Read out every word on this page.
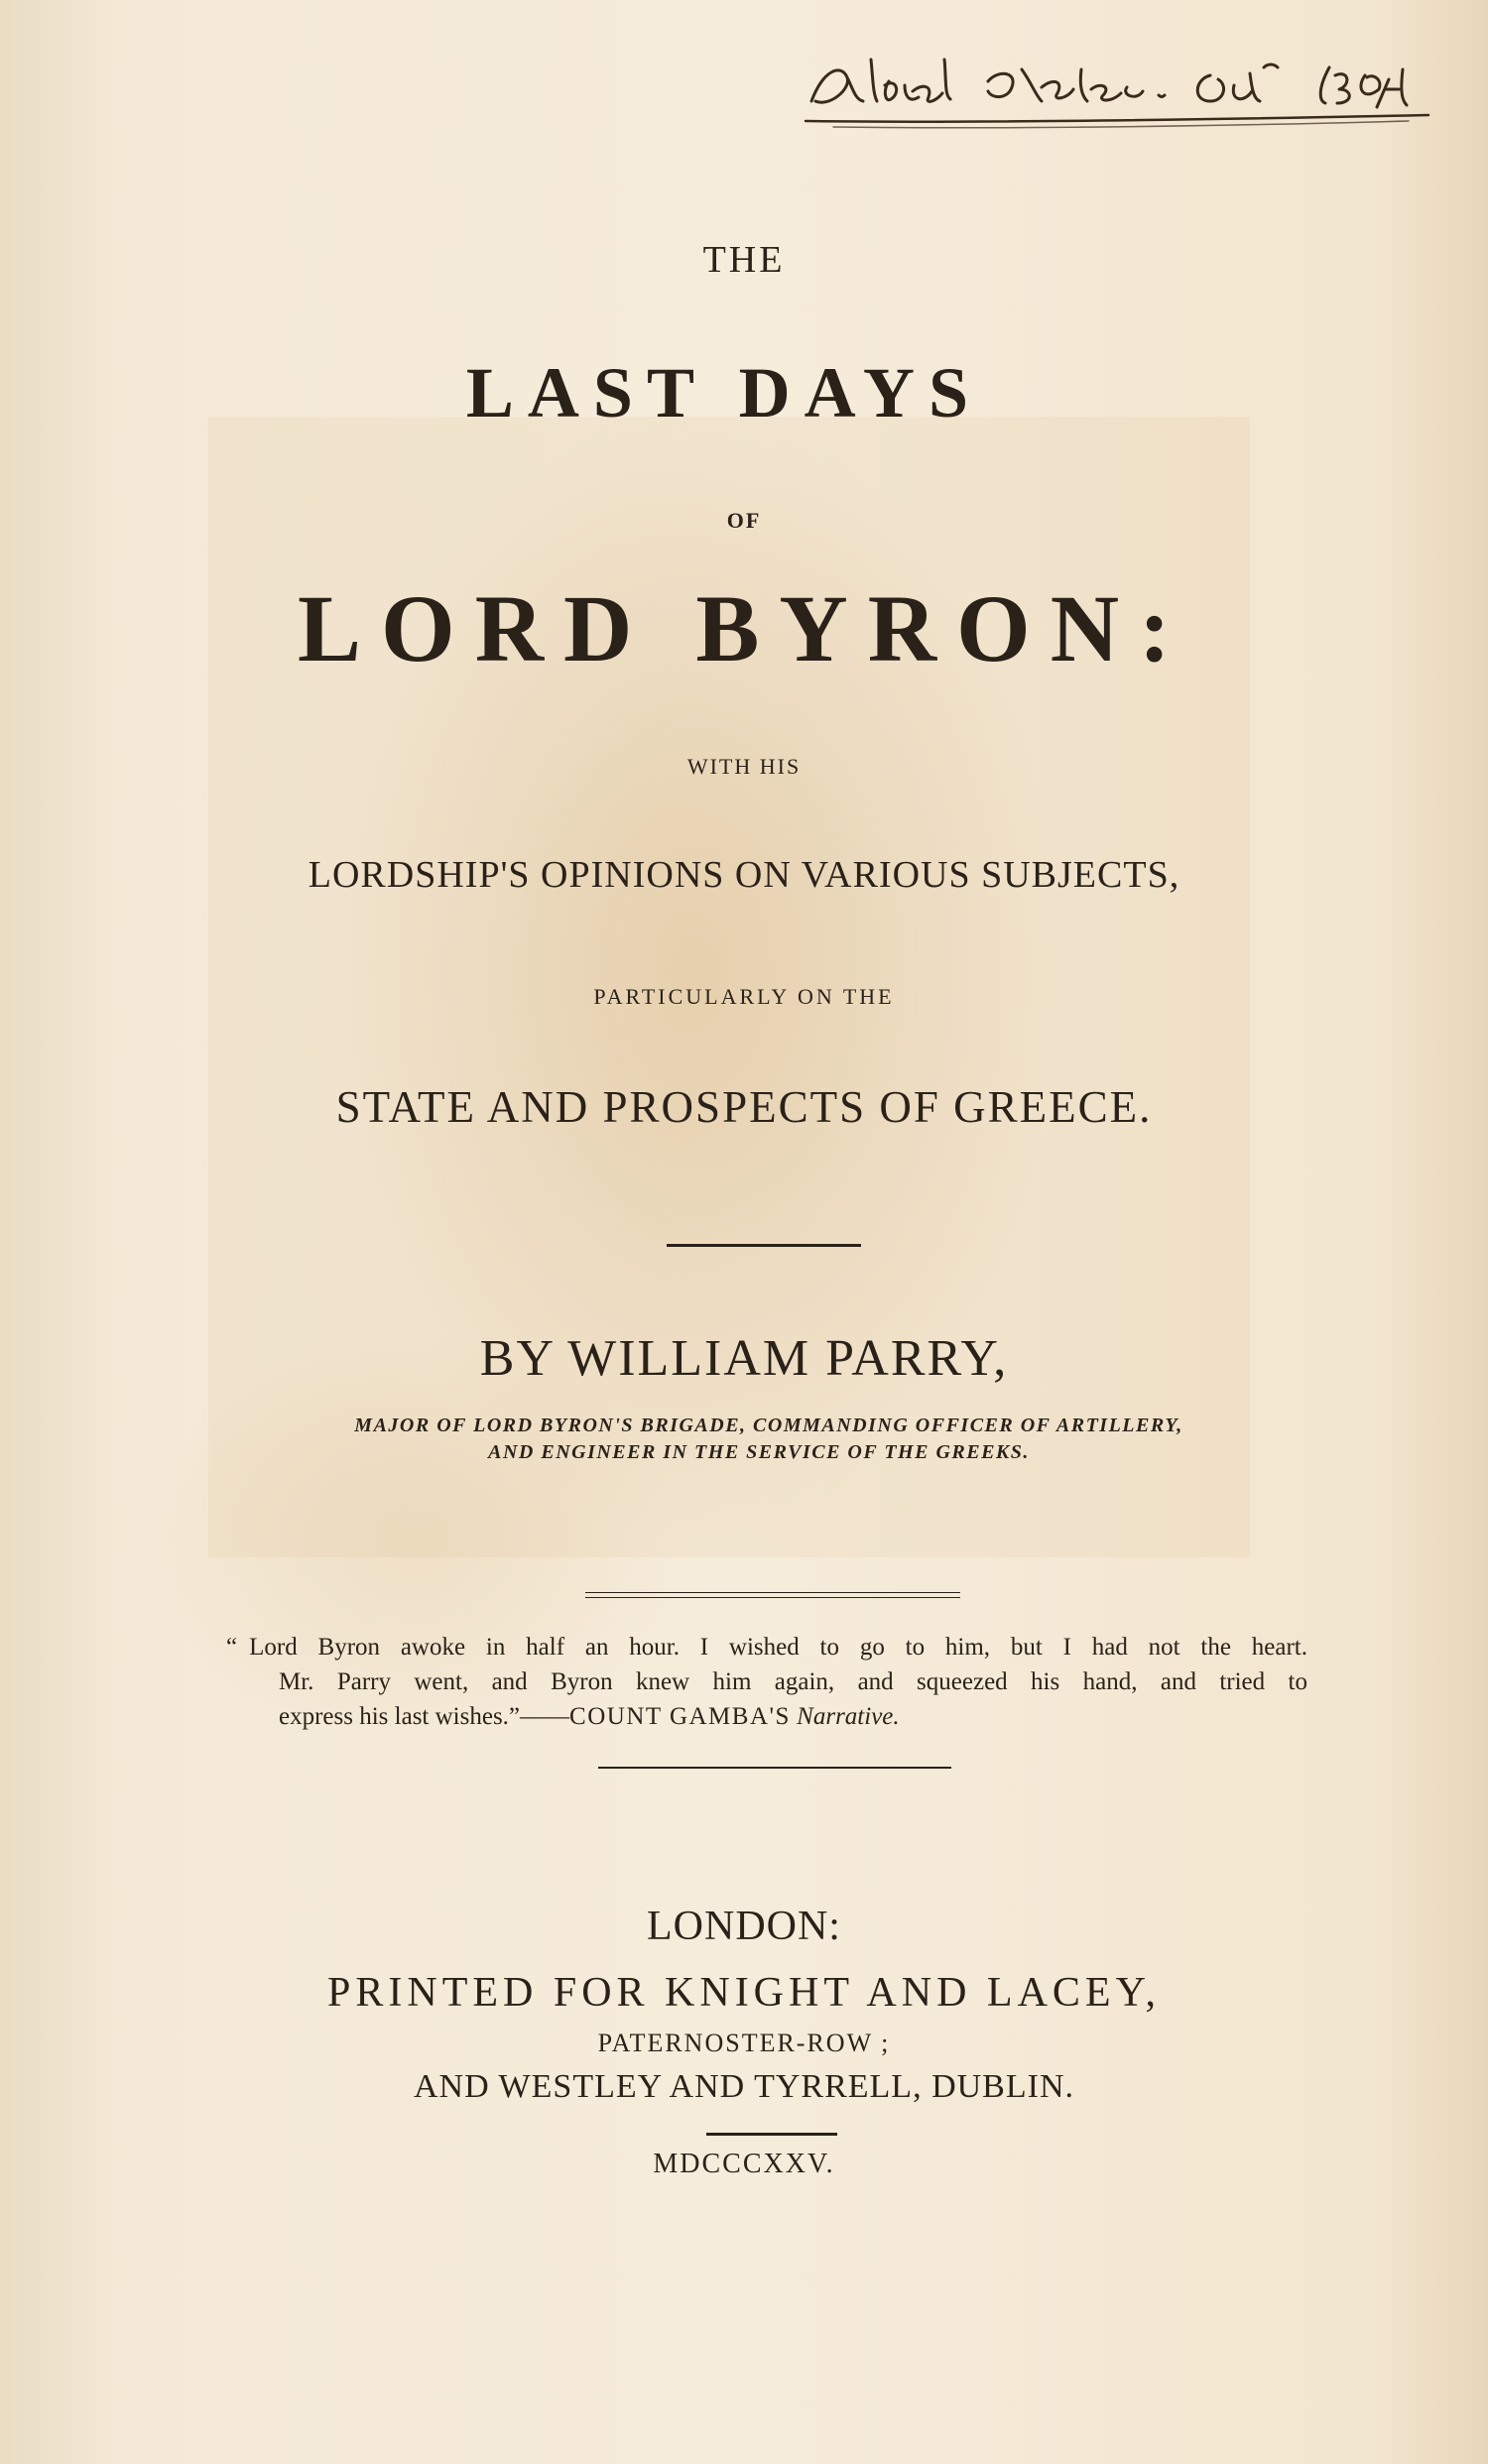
THE
LAST DAYS
OF
LORD BYRON:
WITH HIS
LORDSHIP'S OPINIONS ON VARIOUS SUBJECTS,
PARTICULARLY ON THE
STATE AND PROSPECTS OF GREECE.
BY WILLIAM PARRY,
MAJOR OF LORD BYRON'S BRIGADE, COMMANDING OFFICER OF ARTILLERY,
AND ENGINEER IN THE SERVICE OF THE GREEKS.
“ Lord Byron awoke in half an hour. I wished to go to him, but I had not the heart.
Mr. Parry went, and Byron knew him again, and squeezed his hand, and tried to
express his last wishes.”——COUNT GAMBA'S Narrative.
LONDON:
PRINTED FOR KNIGHT AND LACEY,
PATERNOSTER-ROW ;
AND WESTLEY AND TYRRELL, DUBLIN.
MDCCCXXV.
